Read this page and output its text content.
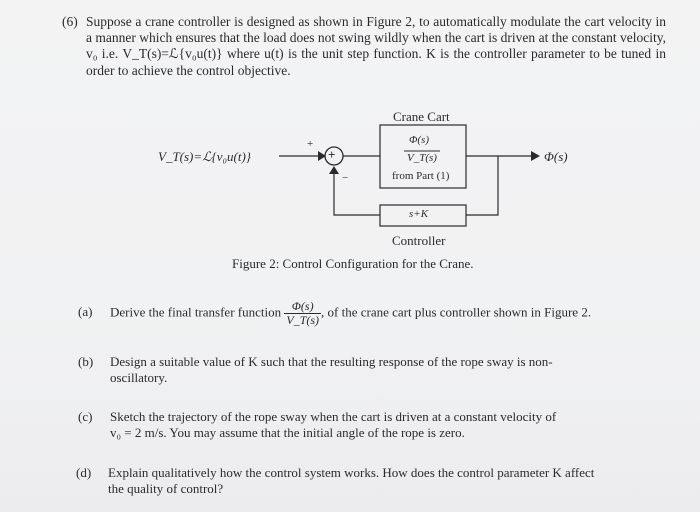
(6) Suppose a crane controller is designed as shown in Figure 2, to automatically modulate the cart velocity in a manner which ensures that the load does not swing wildly when the cart is driven at the constant velocity, v₀ i.e. V_T(s)=ℒ{v₀u(t)} where u(t) is the unit step function. K is the controller parameter to be tuned in order to achieve the control objective.
V_T(s)=ℒ{v₀u(t)}
+
−
+
Crane Cart
Φ(s)
V_T(s)
from Part (1)
Φ(s)
s+K
Controller
Figure 2: Control Configuration for the Crane.
(a) Derive the final transfer function $\frac{\Phi(s)}{V\_T(s)}$ , of the crane cart plus controller shown in Figure 2.
(b) Design a suitable value of K such that the resulting response of the rope sway is non-
oscillatory.
(c) Sketch the trajectory of the rope sway when the cart is driven at a constant velocity of
v₀ = 2 m/s. You may assume that the initial angle of the rope is zero.
(d) Explain qualitatively how the control system works. How does the control parameter K affect
the quality of control?
